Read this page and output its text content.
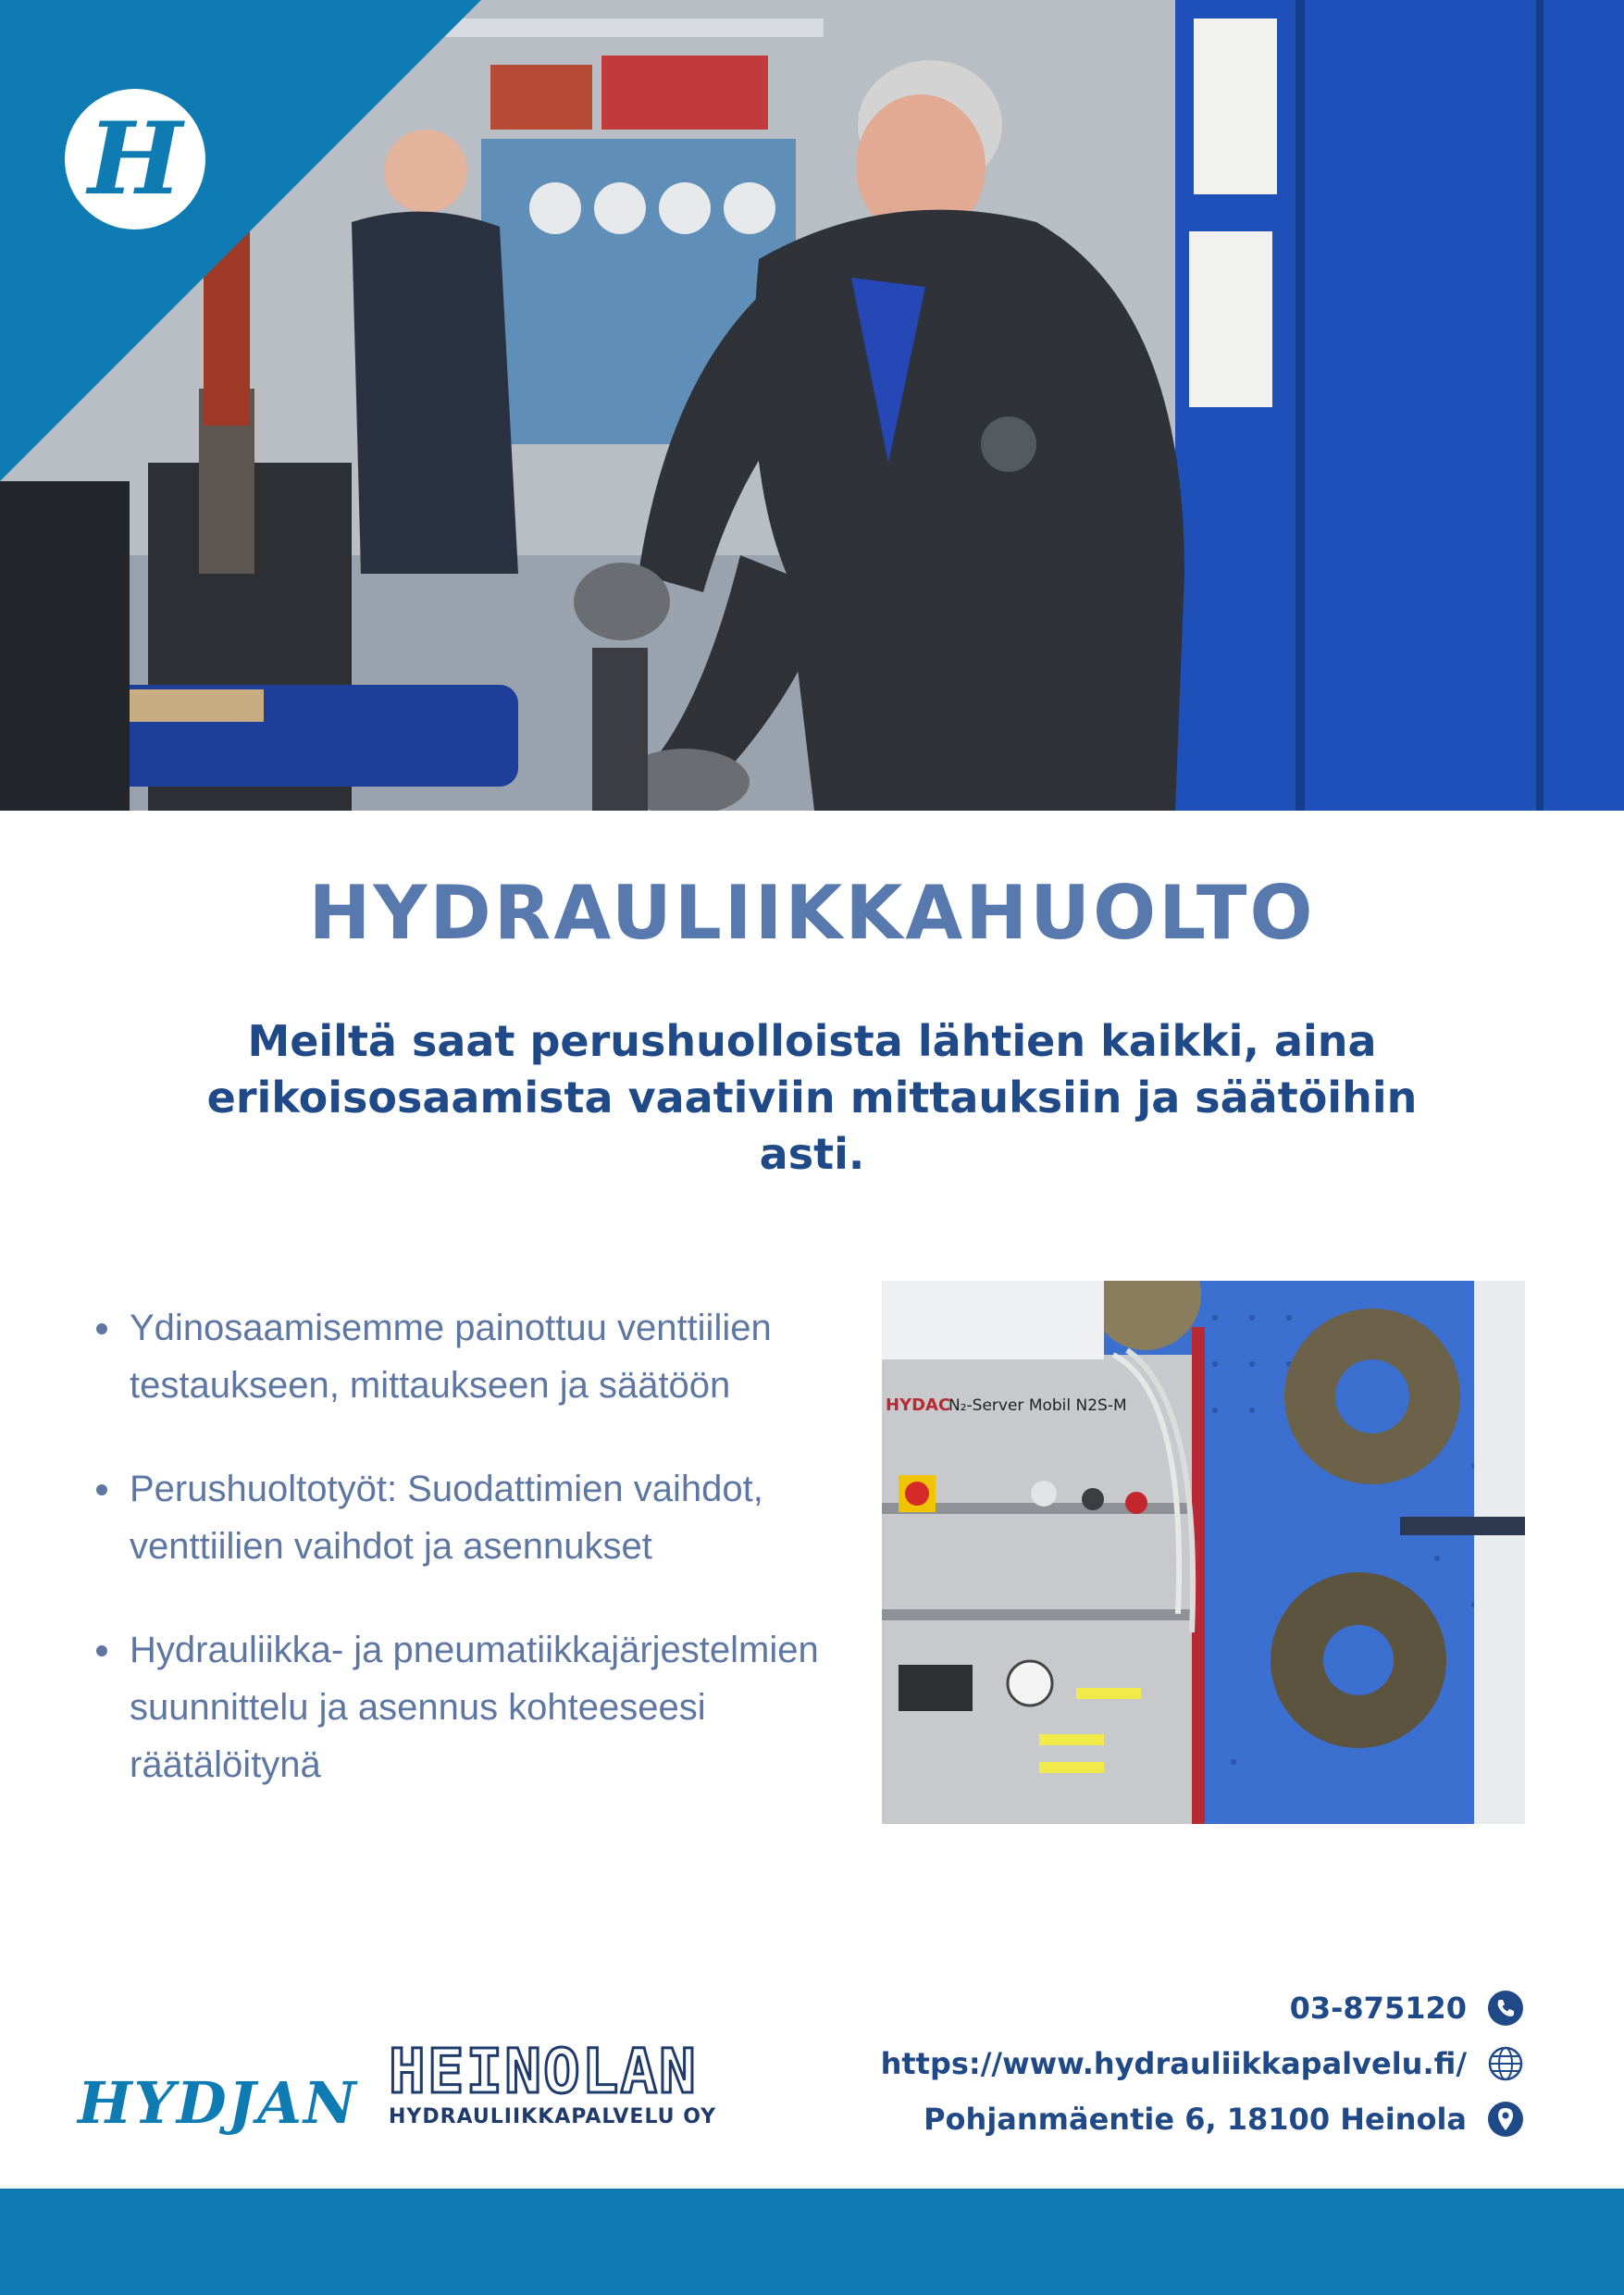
H
HYDRAULIIKKAHUOLTO

Meiltä saat perushuolloista lähtien kaikki, aina erikoisosaamista vaativiin mittauksiin ja säätöihin asti.

Ydinosaamisemme painottuu venttiilien testaukseen, mittaukseen ja säätöön
Perushuoltotyöt: Suodattimien vaihdot, venttiilien vaihdot ja asennukset
Hydrauliikka- ja pneumatiikkajärjestelmien suunnittelu ja asennus kohteeseesi räätälöitynä
HYDAC
N₂-Server Mobil N2S-M
HYDJAN HEINOLAN
HYDRAULIIKKAPALVELU OY
03-875120
https://www.hydrauliikkapalvelu.fi/
Pohjanmäentie 6, 18100 Heinola
